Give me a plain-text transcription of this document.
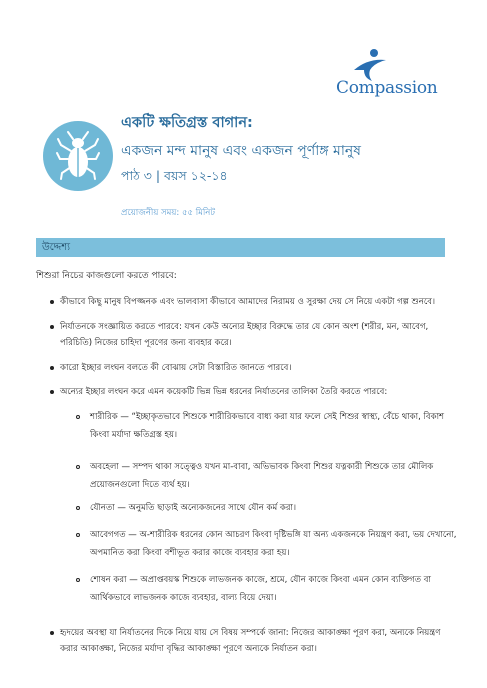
Compassion
একটি ক্ষতিগ্রস্ত বাগান:
একজন মন্দ মানুষ এবং একজন পূর্ণাঙ্গ মানুষ
পাঠ ৩ | বয়স ১২-১৪
প্রয়োজনীয় সময়: ৫৫ মিনিট
উদ্দেশ্য
শিশুরা নিচের কাজগুলো করতে পারবে:
কীভাবে কিছু মানুষ বিপজ্জনক এবং ভালবাসা কীভাবে আমাদের নিরাময় ও সুরক্ষা দেয় সে নিয়ে একটা গল্প শুনবে।
নির্যাতনকে সংজ্ঞায়িত করতে পারবে: যখন কেউ অন্যের ইচ্ছার বিরুদ্ধে তার যে কোন অংশ (শরীর, মন, আবেগ,
পরিচিতি) নিজের চাহিদা পূরণের জন্য ব্যবহার করে।
কারো ইচ্ছার লংঘন বলতে কী বোঝায় সেটা বিস্তারিত জানতে পারবে।
অন্যের ইচ্ছার লংঘন করে এমন কয়েকটি ভিন্ন ভিন্ন ধরনের নির্যাতনের তালিকা তৈরি করতে পারবে:
শারীরিক — “ইচ্ছাকৃতভাবে শিশুকে শারীরিকভাবে বাধ্য করা যার ফলে সেই শিশুর স্বাস্থ্য, বেঁচে থাকা, বিকাশ
কিংবা মর্যাদা ক্ষতিগ্রস্ত হয়।
অবহেলা — সম্পদ থাকা সত্ত্বেও যখন মা-বাবা, অভিভাবক কিংবা শিশুর যত্নকারী শিশুকে তার মৌলিক
প্রয়োজনগুলো দিতে ব্যর্থ হয়।
যৌনতা — অনুমতি ছাড়াই অন্যেকজনের সাথে যৌন কর্ম করা।
আবেগগত — অ-শারীরিক ধরনের কোন আচরণ কিংবা দৃষ্টিভঙ্গি যা অন্য একজনকে নিয়ন্ত্রণ করা, ভয় দেখানো,
অপমানিত করা কিংবা বশীভূত করার কাজে ব্যবহার করা হয়।
শোষন করা — অপ্রাপ্তবয়স্ক শিশুকে লাভজনক কাজে, শ্রমে, যৌন কাজে কিংবা এমন কোন ব্যক্তিগত বা
আর্থিকভাবে লাভজনক কাজে ব্যবহার, বাল্য বিয়ে দেয়া।
হৃদয়ের অবস্থা যা নির্যাতনের দিকে নিয়ে যায় সে বিষয় সম্পর্কে জানা: নিজের আকাঙ্ক্ষা পূরণ করা, অন্যকে নিয়ন্ত্রণ
করার আকাঙ্ক্ষা, নিজের মর্যাদা বৃদ্ধির আকাঙ্ক্ষা পূরণে অন্যকে নির্যাতন করা।
